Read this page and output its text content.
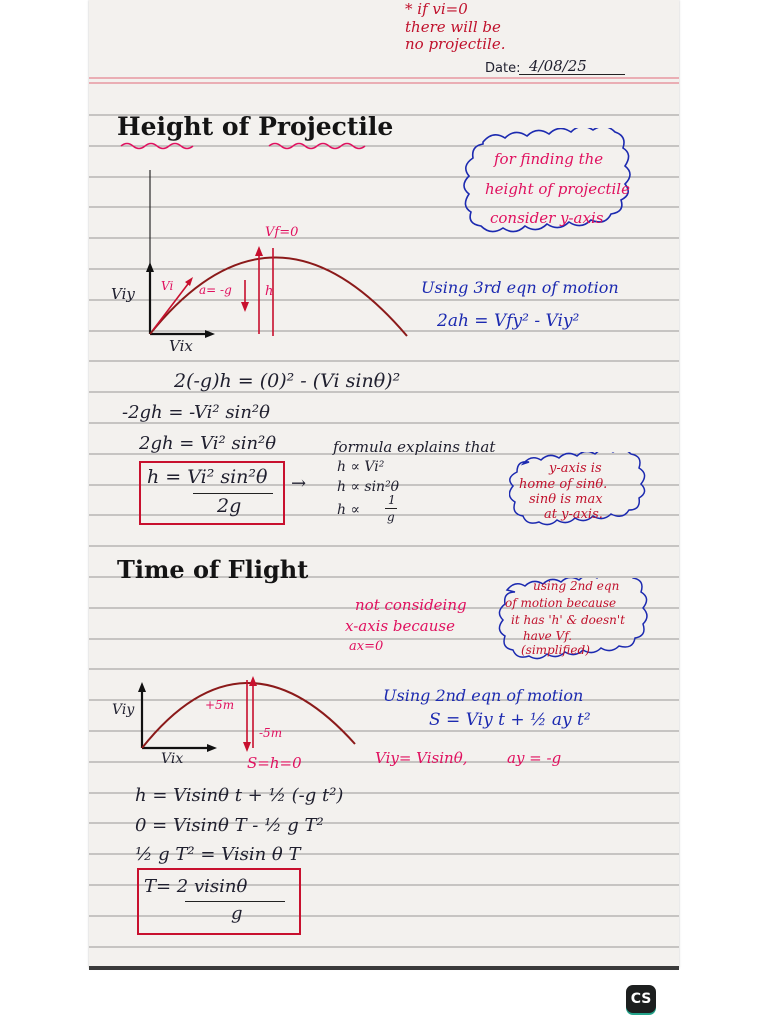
* if vi=0
there will be
no projectile.
Date: 4/08/25
Height of Projectile
for finding the
height of projectile
consider y-axis
Vf=0
Vi a= -g	h
Viy
Vix
Using 3rd eqn of motion
2ah = Vfy² - Viy²
2(-g)h = (0)² - (Vi sinθ)²
-2gh = -Vi² sin²θ
2gh = Vi² sin²θ
h = Vi² sin²θ
2g
→
formula explains that
h ∝ Vi²
h ∝ sin²θ
h ∝
1
g
y-axis is
home of sinθ.
sinθ is max
at y-axis.
Time of Flight
not consideing
x-axis because
ax=0
using 2nd eqn
of motion because
it has 'h' & doesn't
have Vf.
(simplified)
+5m
-5m
Viy
Vix	S=h=0
Using 2nd eqn of motion
S = Viy t + ½ ay t²
Viy= Visinθ,	ay = -g
h = Visinθ t + ½ (-g t²)
0 = Visinθ T - ½ g T²
½ g T² = Visin θ T
T= 2 visinθ
g
CS
